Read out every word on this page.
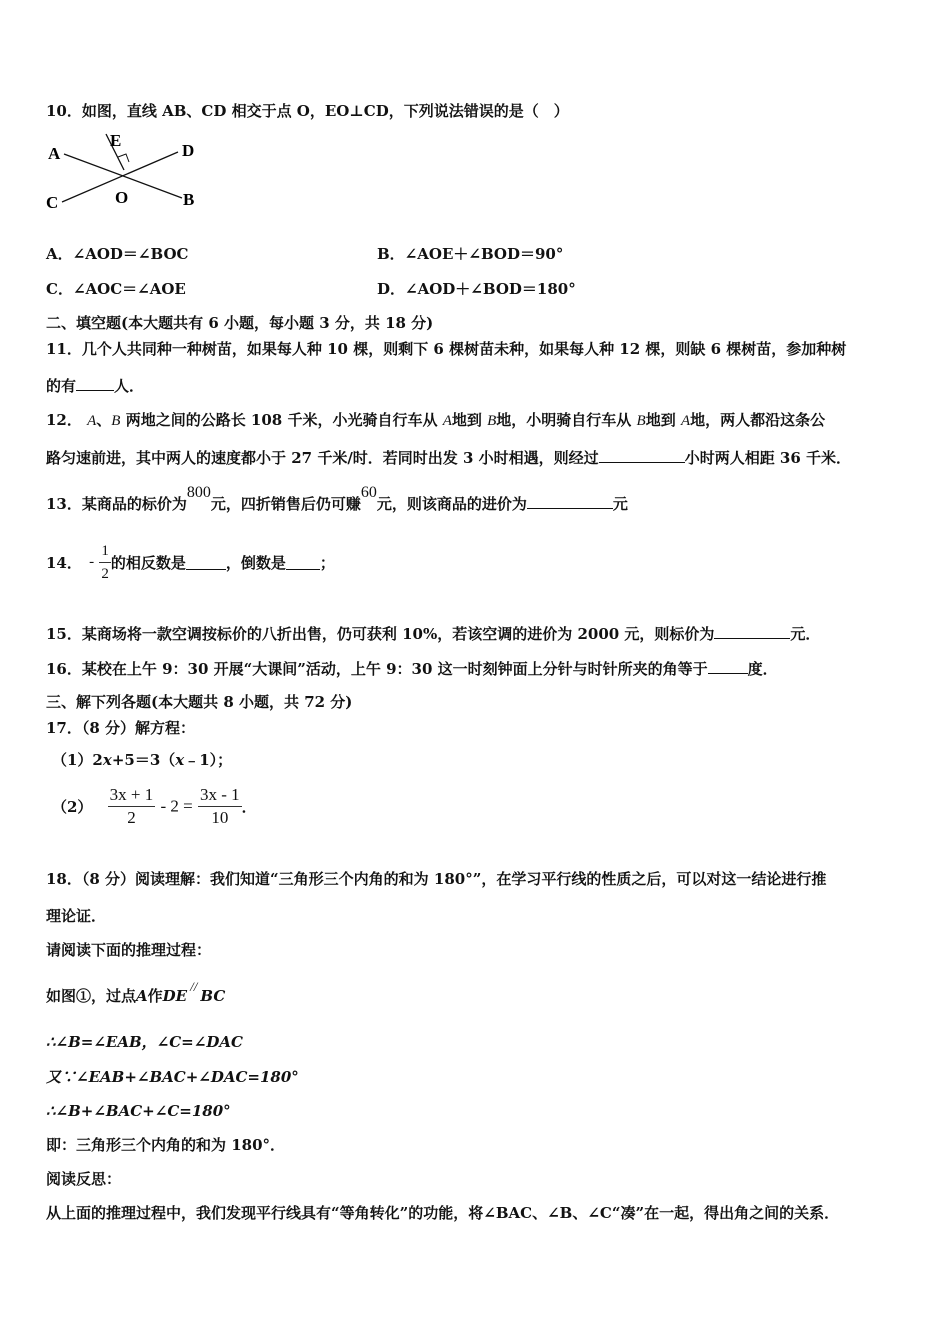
10．如图，直线 AB、CD 相交于点 O，EO⊥CD，下列说法错误的是（　）
A
E
D
C	O	B
A．∠AOD＝∠BOC	B．∠AOE＋∠BOD＝90°
C．∠AOC＝∠AOE	D．∠AOD＋∠BOD＝180°
二、填空题(本大题共有 6 小题，每小题 3 分，共 18 分)
11．几个人共同种一种树苗，如果每人种 10 棵，则剩下 6 棵树苗未种，如果每人种 12 棵，则缺 6 棵树苗，参加种树
的有	人．
12． A、B 两地之间的公路长 108 千米，小光骑自行车从 A地到 B地，小明骑自行车从 B地到 A地，两人都沿这条公
路匀速前进，其中两人的速度都小于 27 千米/时．若同时出发 3 小时相遇，则经过	小时两人相距 36 千米．
13．某商品的标价为800元，四折销售后仍可赚60元，则该商品的进价为	元
14． - $\frac{1}{2}$ 的相反数是	，倒数是 ；
15．某商场将一款空调按标价的八折出售，仍可获利 10%，若该空调的进价为 2000 元，则标价为	元．
16．某校在上午 9：30 开展“大课间”活动，上午 9：30 这一时刻钟面上分针与时针所夹的角等于	度．
三、解下列各题(本大题共 8 小题，共 72 分)
17．（8 分）解方程：
（1）2x+5＝3（x﹣1）；
$(2) \frac{3x + 1}{2} - 2 = \frac{3x - 1}{10}$ ．
18．（8 分）阅读理解：我们知道“三角形三个内角的和为 180°”，在学习平行线的性质之后，可以对这一结论进行推
理论证．
请阅读下面的推理过程：
如图①，过点A作DE//BC
∴∠B=∠EAB，∠C=∠DAC
又∵∠EAB+∠BAC+∠DAC=180°
∴∠B+∠BAC+∠C=180°
即：三角形三个内角的和为 180°．
阅读反思：
从上面的推理过程中，我们发现平行线具有“等角转化”的功能，将∠BAC、∠B、∠C“凑”在一起，得出角之间的关系．
